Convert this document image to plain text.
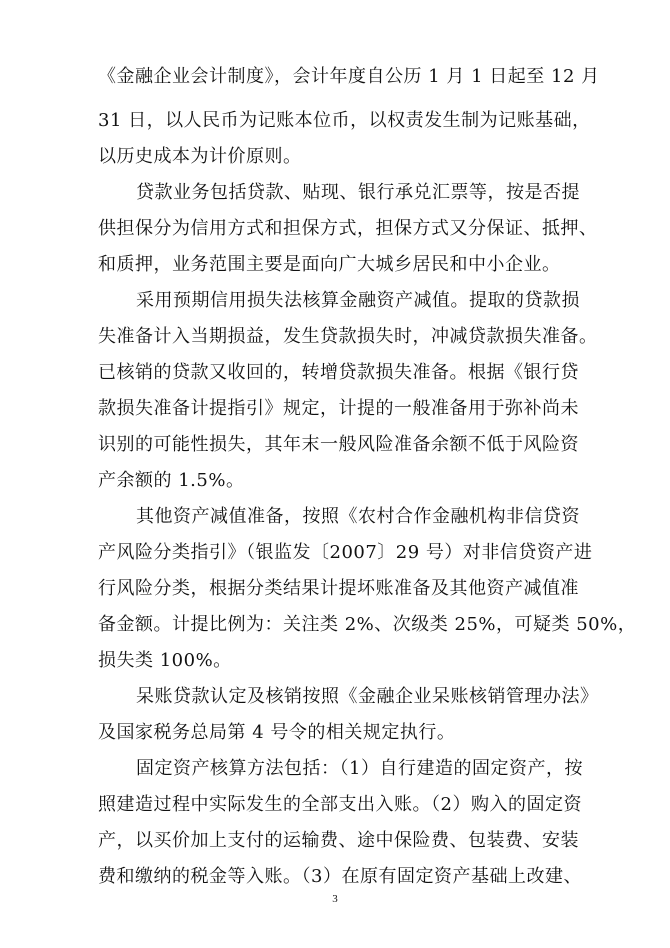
《金融企业会计制度》，会计年度自公历 1 月 1 日起至 12 月
31 日，以人民币为记账本位币，以权责发生制为记账基础，
以历史成本为计价原则。
贷款业务包括贷款、贴现、银行承兑汇票等，按是否提
供担保分为信用方式和担保方式，担保方式又分保证、抵押、
和质押，业务范围主要是面向广大城乡居民和中小企业。
采用预期信用损失法核算金融资产减值。提取的贷款损
失准备计入当期损益，发生贷款损失时，冲减贷款损失准备。
已核销的贷款又收回的，转增贷款损失准备。根据《银行贷
款损失准备计提指引》规定，计提的一般准备用于弥补尚未
识别的可能性损失，其年末一般风险准备余额不低于风险资
产余额的 1.5%。
其他资产减值准备，按照《农村合作金融机构非信贷资
产风险分类指引》（银监发〔2007〕29 号）对非信贷资产进
行风险分类，根据分类结果计提坏账准备及其他资产减值准
备金额。计提比例为：关注类 2%、次级类 25%，可疑类 50%，
损失类 100%。
呆账贷款认定及核销按照《金融企业呆账核销管理办法》
及国家税务总局第 4 号令的相关规定执行。
固定资产核算方法包括：（1）自行建造的固定资产，按
照建造过程中实际发生的全部支出入账。（2）购入的固定资
产，以买价加上支付的运输费、途中保险费、包装费、安装
费和缴纳的税金等入账。（3）在原有固定资产基础上改建、
3
